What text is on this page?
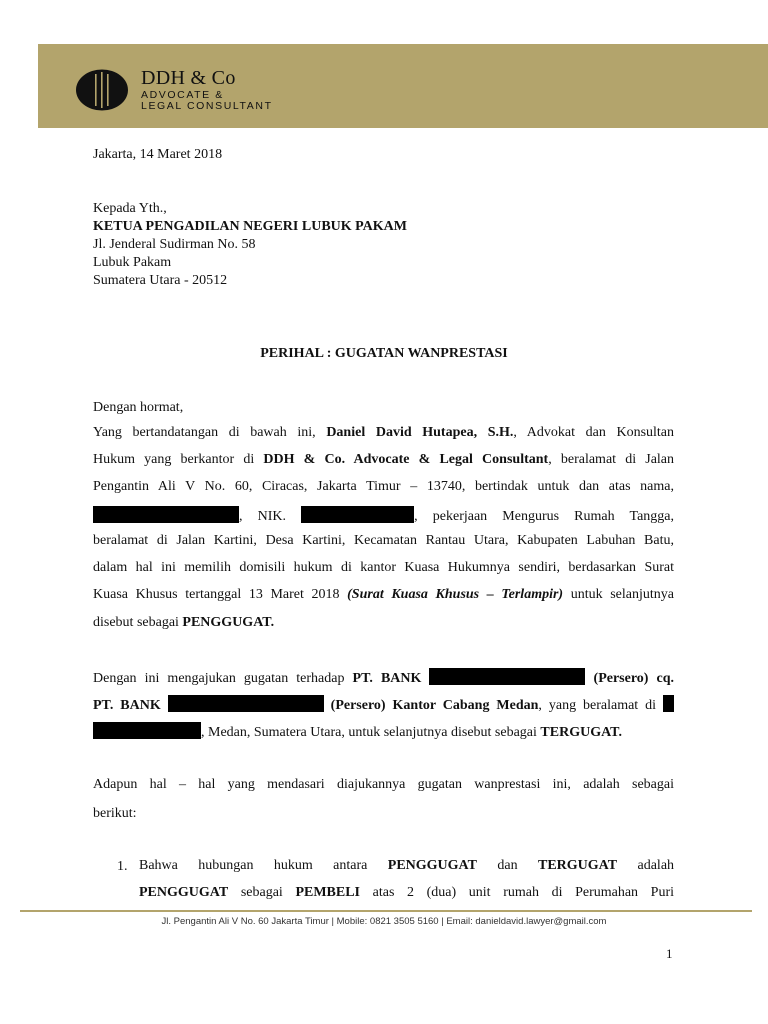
DDH & Co
ADVOCATE &
LEGAL CONSULTANT
Jakarta, 14 Maret 2018
Kepada Yth.,
KETUA PENGADILAN NEGERI LUBUK PAKAM
Jl. Jenderal Sudirman No. 58
Lubuk Pakam
Sumatera Utara - 20512
PERIHAL : GUGATAN WANPRESTASI
Dengan hormat,
Yang bertandatangan di bawah ini, Daniel David Hutapea, S.H., Advokat dan Konsultan
Hukum yang berkantor di DDH & Co. Advocate & Legal Consultant, beralamat di Jalan
Pengantin Ali V No. 60, Ciracas, Jakarta Timur – 13740, bertindak untuk dan atas nama,
, NIK.	, pekerjaan Mengurus Rumah Tangga,
beralamat di Jalan Kartini, Desa Kartini, Kecamatan Rantau Utara, Kabupaten Labuhan Batu,
dalam hal ini memilih domisili hukum di kantor Kuasa Hukumnya sendiri, berdasarkan Surat
Kuasa Khusus tertanggal 13 Maret 2018 (Surat Kuasa Khusus – Terlampir) untuk selanjutnya
disebut sebagai PENGGUGAT.
Dengan ini mengajukan gugatan terhadap PT. BANK	(Persero) cq.
PT. BANK	(Persero) Kantor Cabang Medan, yang beralamat di
, Medan, Sumatera Utara, untuk selanjutnya disebut sebagai TERGUGAT.
Adapun hal – hal yang mendasari diajukannya gugatan wanprestasi ini, adalah sebagai
berikut:
1. Bahwa hubungan hukum antara PENGGUGAT dan TERGUGAT adalah
PENGGUGAT sebagai PEMBELI atas 2 (dua) unit rumah di Perumahan Puri
Jl. Pengantin Ali V No. 60 Jakarta Timur | Mobile: 0821 3505 5160 | Email: danieldavid.lawyer@gmail.com
1
